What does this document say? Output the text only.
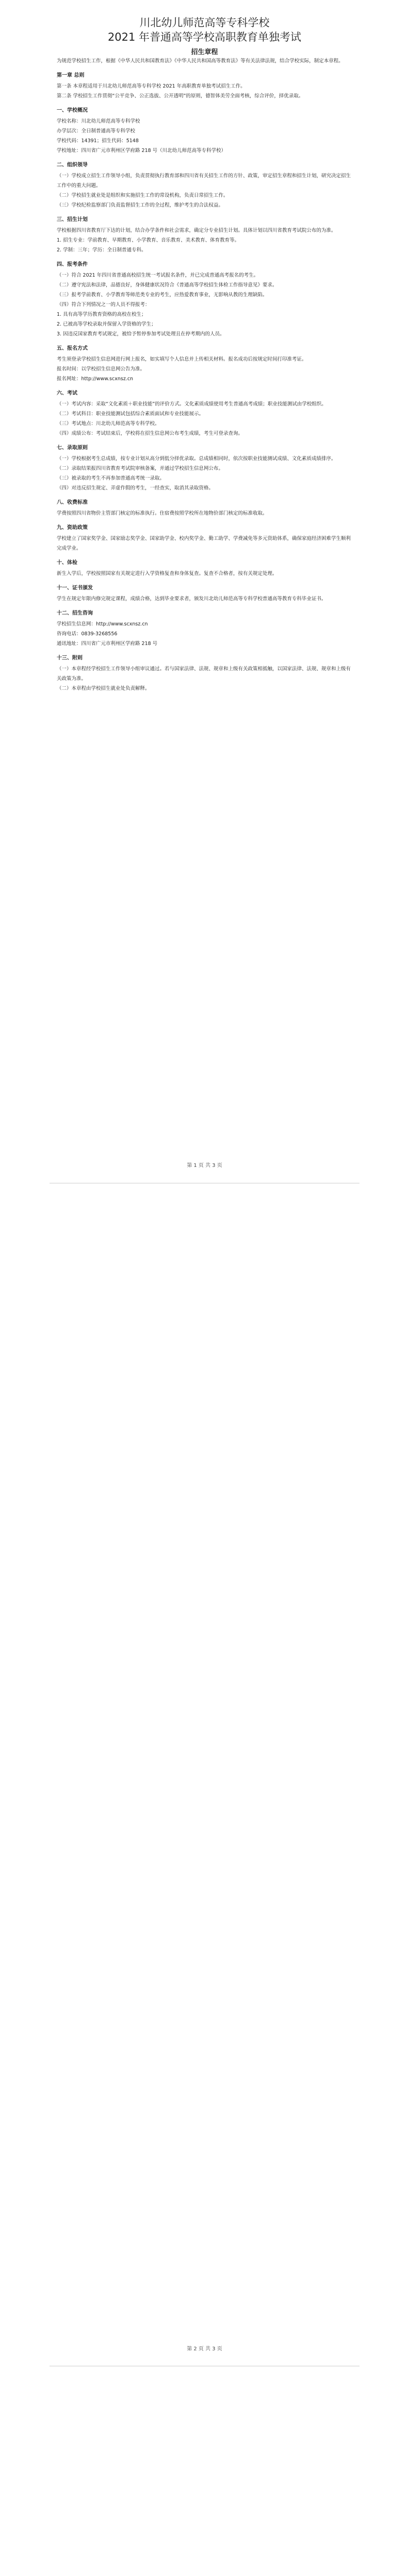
第 1 页 共 3 页
第 2 页 共 3 页
川北幼儿师范高等专科学校
2021 年普通高等学校高职教育单独考试
招生章程

为规范学校招生工作，根据《中华人民共和国教育法》《中华人民共和国高等教育法》等有关法律法规，结合学校实际，制定本章程。

第一章 总则

第一条 本章程适用于川北幼儿师范高等专科学校 2021 年高职教育单独考试招生工作。

第二条 学校招生工作贯彻“公平竞争、公正选拔、公开透明”的原则，德智体美劳全面考核，综合评价，择优录取。

一、学校概况

学校名称：川北幼儿师范高等专科学校

办学层次：全日制普通高等专科学校

学校代码：14391；招生代码：5148

学校地址：四川省广元市利州区学府路 218 号（川北幼儿师范高等专科学校）

二、组织领导

（一）学校成立招生工作领导小组，负责贯彻执行教育部和四川省有关招生工作的方针、政策，审定招生章程和招生计划，研究决定招生工作中的重大问题。

（二）学校招生就业处是组织和实施招生工作的常设机构，负责日常招生工作。

（三）学校纪检监察部门负责监督招生工作的全过程，维护考生的合法权益。

三、招生计划

学校根据四川省教育厅下达的计划，结合办学条件和社会需求，确定分专业招生计划。具体计划以四川省教育考试院公布的为准。

1. 招生专业：学前教育、早期教育、小学教育、音乐教育、美术教育、体育教育等。

2. 学制：三年；学历：全日制普通专科。

四、报考条件

（一）符合 2021 年四川省普通高校招生统一考试报名条件，并已完成普通高考报名的考生。

（二）遵守宪法和法律，品德良好，身体健康状况符合《普通高等学校招生体检工作指导意见》要求。

（三）报考学前教育、小学教育等师范类专业的考生，应热爱教育事业，无影响从教的生理缺陷。

（四）符合下列情况之一的人员不得报考：

1. 具有高等学历教育资格的高校在校生；

2. 已被高等学校录取并保留入学资格的学生；

3. 因违反国家教育考试规定，被给予暂停参加考试处理且在停考期内的人员。

五、报名方式

考生须登录学校招生信息网进行网上报名，如实填写个人信息并上传相关材料。报名成功后按规定时间打印准考证。

报名时间：以学校招生信息网公告为准。

报名网址：http://www.scxnsz.cn

六、考试

（一）考试内容：采取“文化素质＋职业技能”的评价方式。文化素质成绩使用考生普通高考成绩；职业技能测试由学校组织。

（二）考试科目：职业技能测试包括综合素质面试和专业技能展示。

（三）考试地点：川北幼儿师范高等专科学校。

（四）成绩公布：考试结束后，学校将在招生信息网公布考生成绩，考生可登录查询。

七、录取原则

（一）学校根据考生总成绩，按专业计划从高分到低分择优录取。总成绩相同时，依次按职业技能测试成绩、文化素质成绩排序。

（二）录取结果报四川省教育考试院审核备案，并通过学校招生信息网公布。

（三）被录取的考生不再参加普通高考统一录取。

（四）对违反招生规定、弄虚作假的考生，一经查实，取消其录取资格。

八、收费标准

学费按照四川省物价主管部门核定的标准执行。住宿费按照学校所在地物价部门核定的标准收取。

九、资助政策

学校建立了国家奖学金、国家励志奖学金、国家助学金、校内奖学金、勤工助学、学费减免等多元资助体系，确保家庭经济困难学生顺利完成学业。

十、体检

新生入学后，学校按照国家有关规定进行入学资格复查和身体复查。复查不合格者，按有关规定处理。

十一、证书颁发

学生在规定年限内修完规定课程，成绩合格，达到毕业要求者，颁发川北幼儿师范高等专科学校普通高等教育专科毕业证书。

十二、招生咨询

学校招生信息网：http://www.scxnsz.cn

咨询电话：0839-3268556

通讯地址：四川省广元市利州区学府路 218 号

十三、附则

（一）本章程经学校招生工作领导小组审议通过。若与国家法律、法规、规章和上级有关政策相抵触，以国家法律、法规、规章和上级有关政策为准。

（二）本章程由学校招生就业处负责解释。
